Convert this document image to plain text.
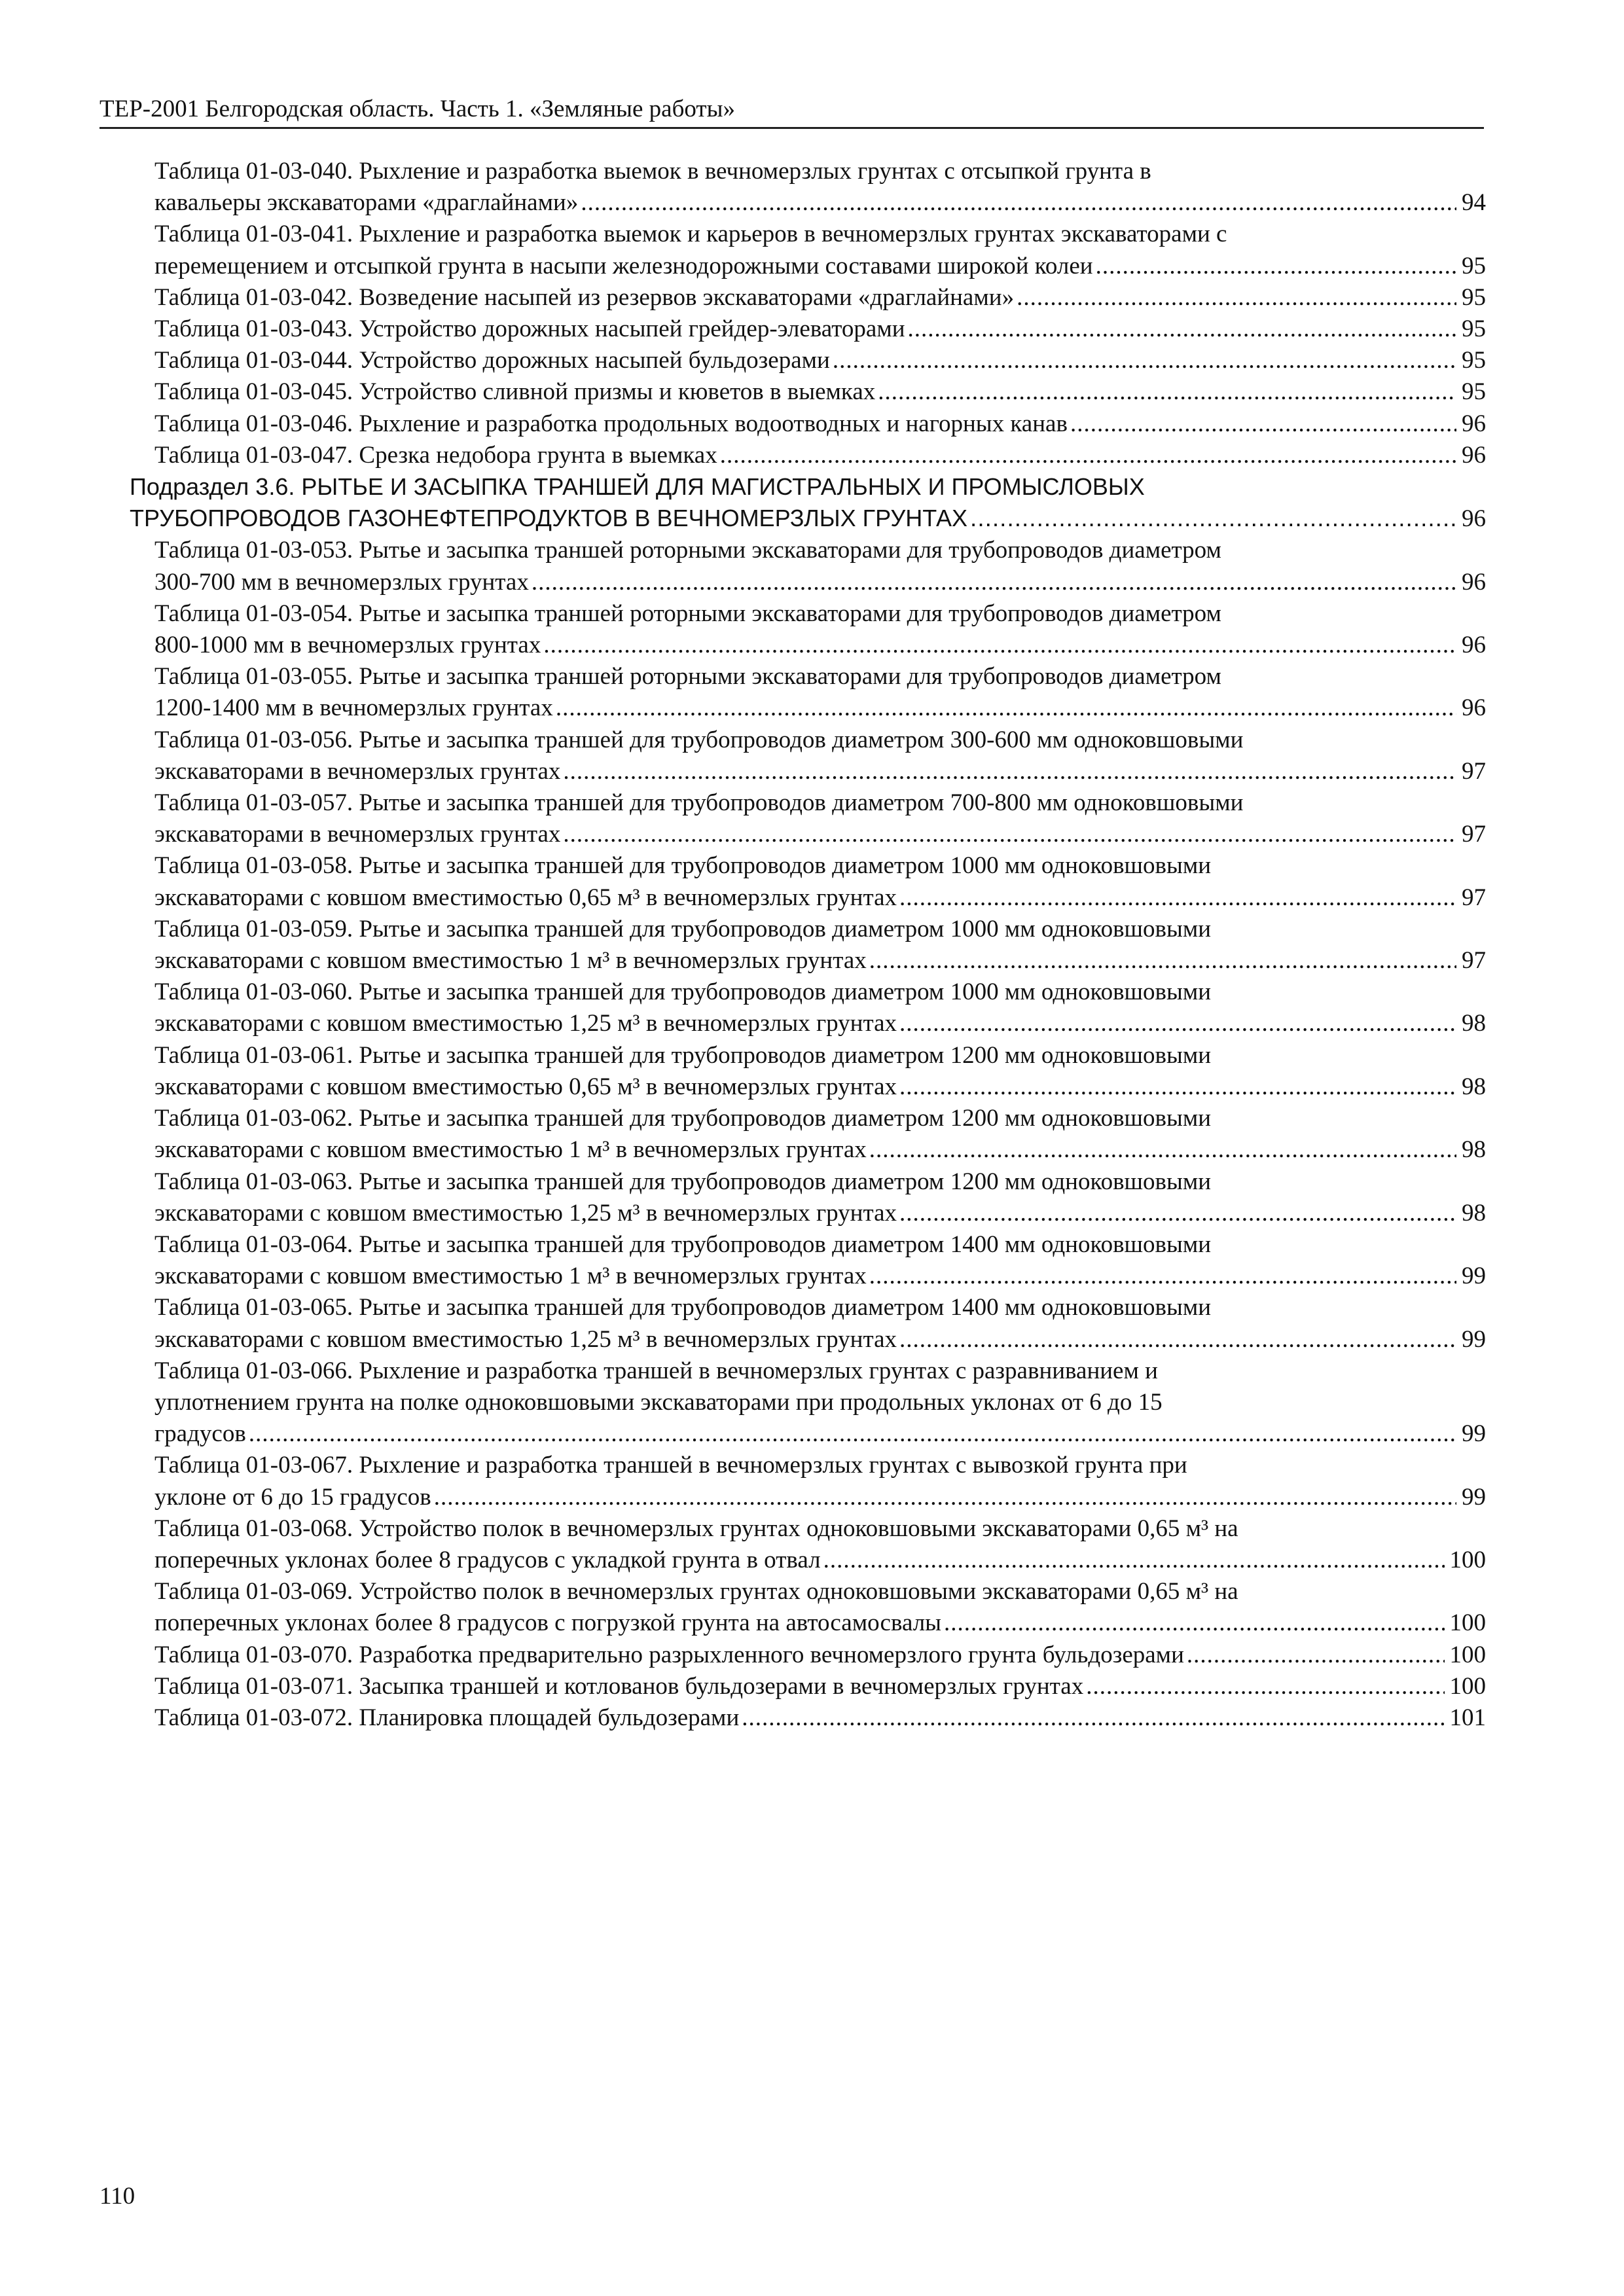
ТЕР-2001 Белгородская область. Часть 1. «Земляные работы»
Таблица 01-03-040. Рыхление и разработка выемок в вечномерзлых грунтах с отсыпкой грунта в
кавальеры экскаваторами «драглайнами» .....	94
Таблица 01-03-041. Рыхление и разработка выемок и карьеров в вечномерзлых грунтах экскаваторами с
перемещением и отсыпкой грунта в насыпи железнодорожными составами широкой колеи .....	95
Таблица 01-03-042. Возведение насыпей из резервов экскаваторами «драглайнами» .....	95
Таблица 01-03-043. Устройство дорожных насыпей грейдер-элеваторами .....	95
Таблица 01-03-044. Устройство дорожных насыпей бульдозерами .....	95
Таблица 01-03-045. Устройство сливной призмы и кюветов в выемках .....	95
Таблица 01-03-046. Рыхление и разработка продольных водоотводных и нагорных канав .....	96
Таблица 01-03-047. Срезка недобора грунта в выемках .....	96
Подраздел 3.6. РЫТЬЕ И ЗАСЫПКА ТРАНШЕЙ ДЛЯ МАГИСТРАЛЬНЫХ И ПРОМЫСЛОВЫХ
ТРУБОПРОВОДОВ ГАЗОНЕФТЕПРОДУКТОВ В ВЕЧНОМЕРЗЛЫХ ГРУНТАХ .....	96
Таблица 01-03-053. Рытье и засыпка траншей роторными экскаваторами для трубопроводов диаметром
300-700 мм в вечномерзлых грунтах .....	96
Таблица 01-03-054. Рытье и засыпка траншей роторными экскаваторами для трубопроводов диаметром
800-1000 мм в вечномерзлых грунтах .....	96
Таблица 01-03-055. Рытье и засыпка траншей роторными экскаваторами для трубопроводов диаметром
1200-1400 мм в вечномерзлых грунтах .....	96
Таблица 01-03-056. Рытье и засыпка траншей для трубопроводов диаметром 300-600 мм одноковшовыми
экскаваторами в вечномерзлых грунтах .....	97
Таблица 01-03-057. Рытье и засыпка траншей для трубопроводов диаметром 700-800 мм одноковшовыми
экскаваторами в вечномерзлых грунтах .....	97
Таблица 01-03-058. Рытье и засыпка траншей для трубопроводов диаметром 1000 мм одноковшовыми
экскаваторами с ковшом вместимостью 0,65 м³ в вечномерзлых грунтах .....	97
Таблица 01-03-059. Рытье и засыпка траншей для трубопроводов диаметром 1000 мм одноковшовыми
экскаваторами с ковшом вместимостью 1 м³ в вечномерзлых грунтах .....	97
Таблица 01-03-060. Рытье и засыпка траншей для трубопроводов диаметром 1000 мм одноковшовыми
экскаваторами с ковшом вместимостью 1,25 м³ в вечномерзлых грунтах .....	98
Таблица 01-03-061. Рытье и засыпка траншей для трубопроводов диаметром 1200 мм одноковшовыми
экскаваторами с ковшом вместимостью 0,65 м³ в вечномерзлых грунтах .....	98
Таблица 01-03-062. Рытье и засыпка траншей для трубопроводов диаметром 1200 мм одноковшовыми
экскаваторами с ковшом вместимостью 1 м³ в вечномерзлых грунтах .....	98
Таблица 01-03-063. Рытье и засыпка траншей для трубопроводов диаметром 1200 мм одноковшовыми
экскаваторами с ковшом вместимостью 1,25 м³ в вечномерзлых грунтах .....	98
Таблица 01-03-064. Рытье и засыпка траншей для трубопроводов диаметром 1400 мм одноковшовыми
экскаваторами с ковшом вместимостью 1 м³ в вечномерзлых грунтах .....	99
Таблица 01-03-065. Рытье и засыпка траншей для трубопроводов диаметром 1400 мм одноковшовыми
экскаваторами с ковшом вместимостью 1,25 м³ в вечномерзлых грунтах .....	99
Таблица 01-03-066. Рыхление и разработка траншей в вечномерзлых грунтах с разравниванием и
уплотнением грунта на полке одноковшовыми экскаваторами при продольных уклонах от 6 до 15
градусов .....	99
Таблица 01-03-067. Рыхление и разработка траншей в вечномерзлых грунтах с вывозкой грунта при
уклоне от 6 до 15 градусов .....	99
Таблица 01-03-068. Устройство полок в вечномерзлых грунтах одноковшовыми экскаваторами 0,65 м³ на
поперечных уклонах более 8 градусов с укладкой грунта в отвал .....	100
Таблица 01-03-069. Устройство полок в вечномерзлых грунтах одноковшовыми экскаваторами 0,65 м³ на
поперечных уклонах более 8 градусов с погрузкой грунта на автосамосвалы .....	100
Таблица 01-03-070. Разработка предварительно разрыхленного вечномерзлого грунта бульдозерами .....	100
Таблица 01-03-071. Засыпка траншей и котлованов бульдозерами в вечномерзлых грунтах .....	100
Таблица 01-03-072. Планировка площадей бульдозерами .....	101
110
